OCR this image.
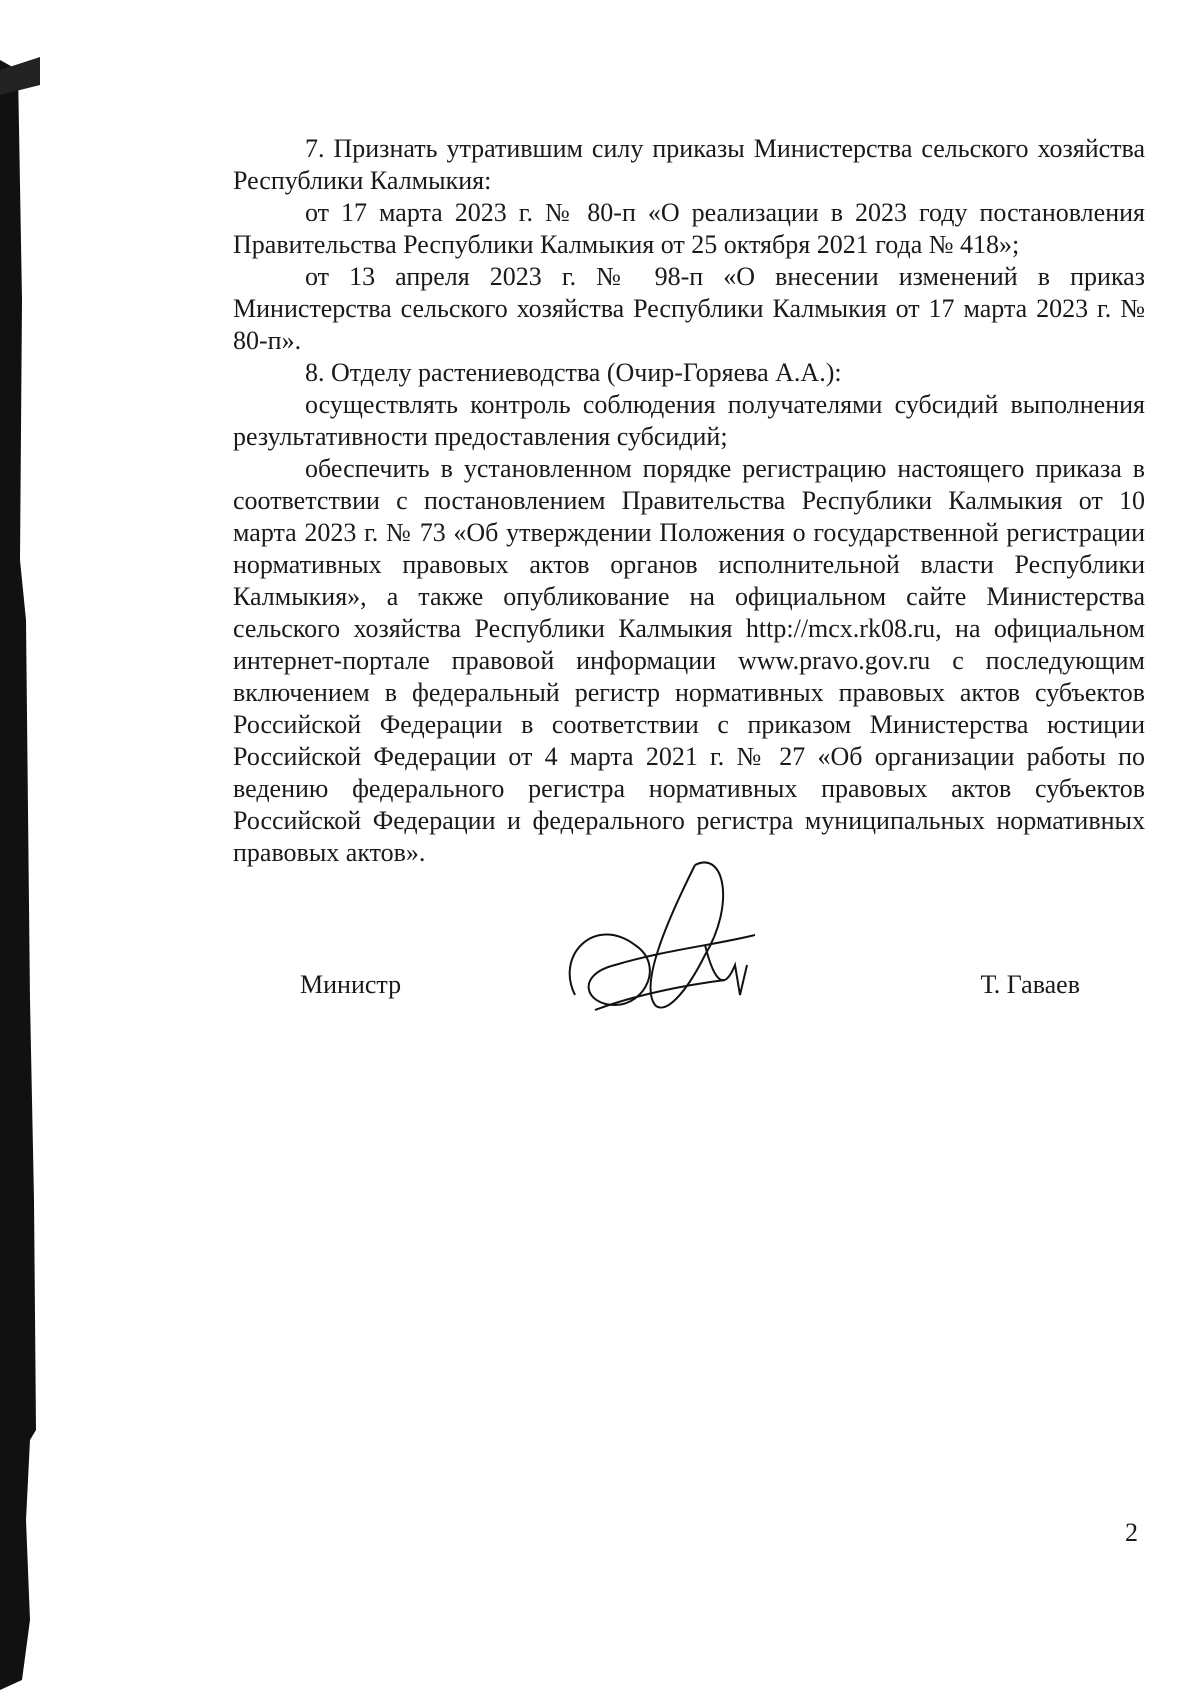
7. Признать утратившим силу приказы Министерства сельского хозяйства Республики Калмыкия:

от 17 марта 2023 г. № 80-п «О реализации в 2023 году постановления Правительства Республики Калмыкия от 25 октября 2021 года № 418»;

от 13 апреля 2023 г. № 98-п «О внесении изменений в приказ Министерства сельского хозяйства Республики Калмыкия от 17 марта 2023 г. № 80-п».

8. Отделу растениеводства (Очир-Горяева А.А.):

осуществлять контроль соблюдения получателями субсидий выполнения результативности предоставления субсидий;

обеспечить в установленном порядке регистрацию настоящего приказа в соответствии с постановлением Правительства Республики Калмыкия от 10 марта 2023 г. № 73 «Об утверждении Положения о государственной регистрации нормативных правовых актов органов исполнительной власти Республики Калмыкия», а также опубликование на официальном сайте Министерства сельского хозяйства Республики Калмыкия http://mcx.rk08.ru, на официальном интернет-портале правовой информации www.pravo.gov.ru с последующим включением в федеральный регистр нормативных правовых актов субъектов Российской Федерации в соответствии с приказом Министерства юстиции Российской Федерации от 4 марта 2021 г. № 27 «Об организации работы по ведению федерального регистра нормативных правовых актов субъектов Российской Федерации и федерального регистра муниципальных нормативных правовых актов».

Министр	Т. Гаваев
2
